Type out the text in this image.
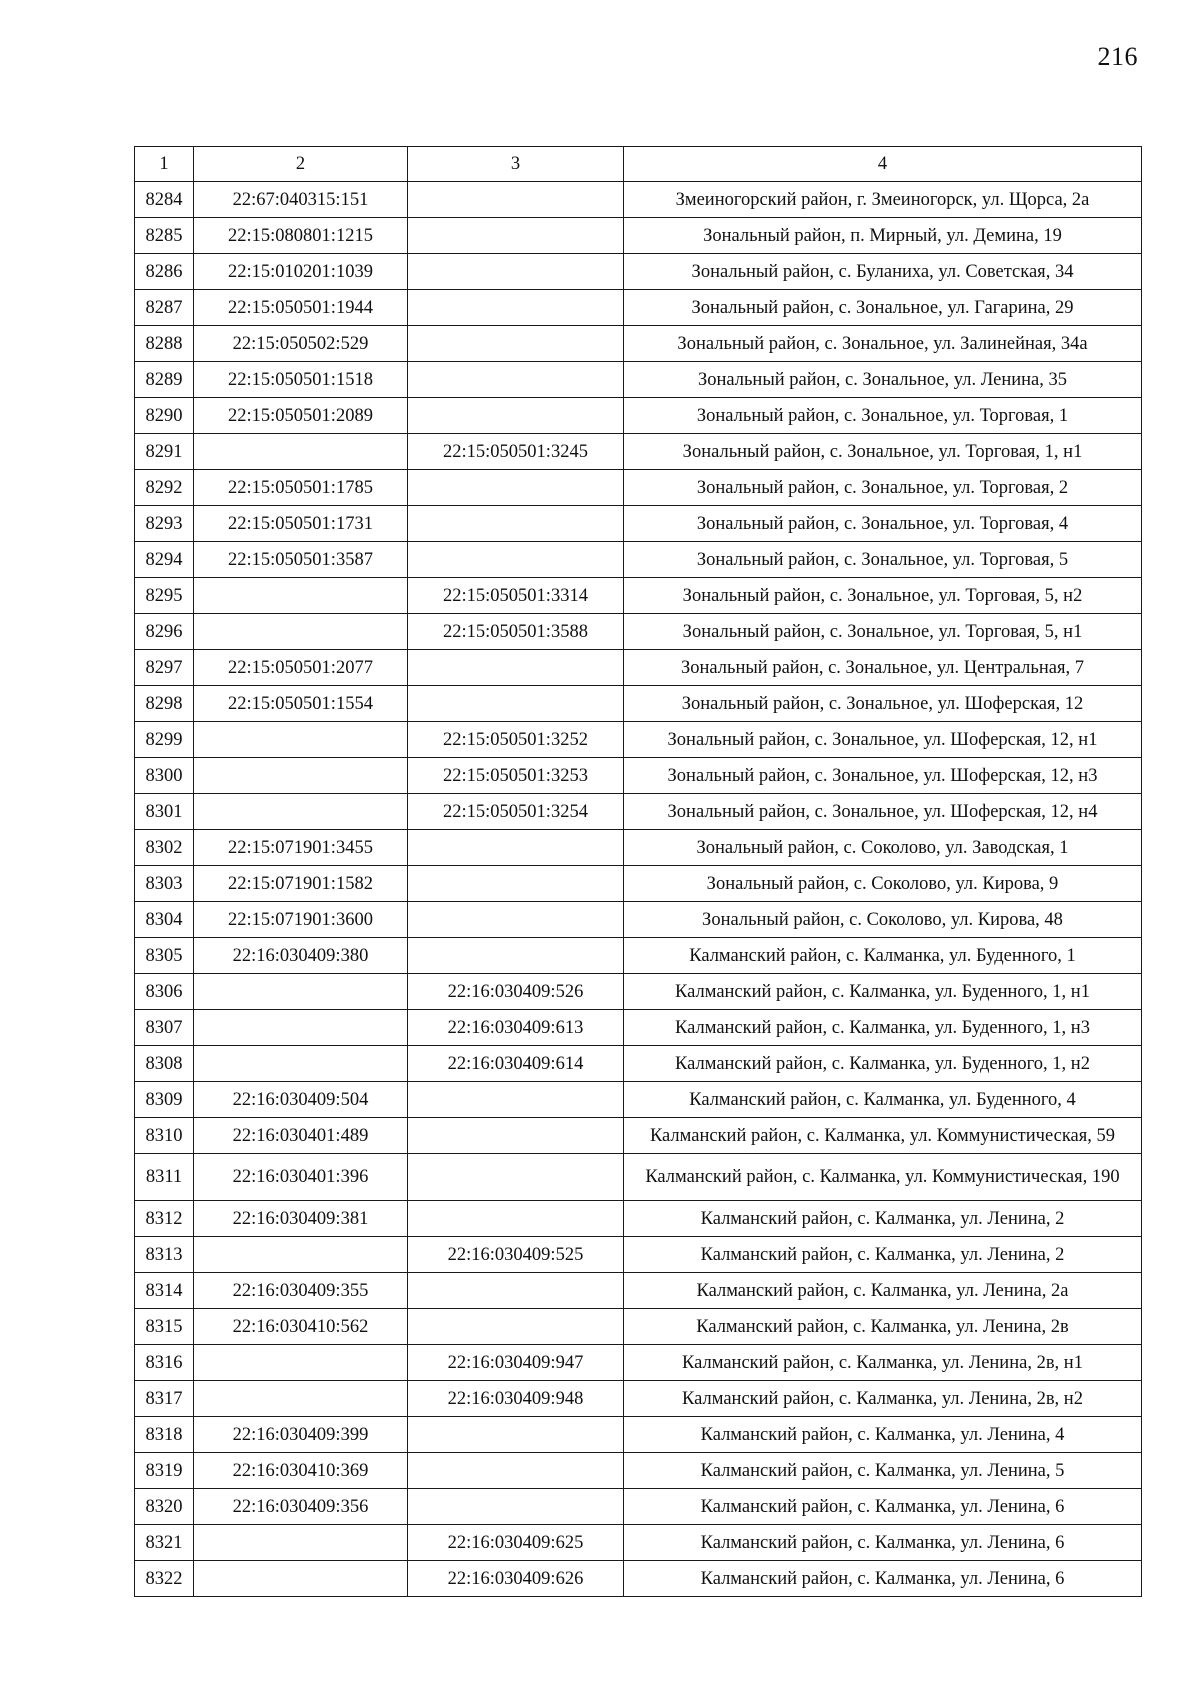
216
1	2	3	4
8284	22:67:040315:151		Змеиногорский район, г. Змеиногорск, ул. Щорса, 2а
8285	22:15:080801:1215		Зональный район, п. Мирный, ул. Демина, 19
8286	22:15:010201:1039		Зональный район, с. Буланиха, ул. Советская, 34
8287	22:15:050501:1944		Зональный район, с. Зональное, ул. Гагарина, 29
8288	22:15:050502:529		Зональный район, с. Зональное, ул. Залинейная, 34а
8289	22:15:050501:1518		Зональный район, с. Зональное, ул. Ленина, 35
8290	22:15:050501:2089		Зональный район, с. Зональное, ул. Торговая, 1
8291		22:15:050501:3245	Зональный район, с. Зональное, ул. Торговая, 1, н1
8292	22:15:050501:1785		Зональный район, с. Зональное, ул. Торговая, 2
8293	22:15:050501:1731		Зональный район, с. Зональное, ул. Торговая, 4
8294	22:15:050501:3587		Зональный район, с. Зональное, ул. Торговая, 5
8295		22:15:050501:3314	Зональный район, с. Зональное, ул. Торговая, 5, н2
8296		22:15:050501:3588	Зональный район, с. Зональное, ул. Торговая, 5, н1
8297	22:15:050501:2077		Зональный район, с. Зональное, ул. Центральная, 7
8298	22:15:050501:1554		Зональный район, с. Зональное, ул. Шоферская, 12
8299		22:15:050501:3252	Зональный район, с. Зональное, ул. Шоферская, 12, н1
8300		22:15:050501:3253	Зональный район, с. Зональное, ул. Шоферская, 12, н3
8301		22:15:050501:3254	Зональный район, с. Зональное, ул. Шоферская, 12, н4
8302	22:15:071901:3455		Зональный район, с. Соколово, ул. Заводская, 1
8303	22:15:071901:1582		Зональный район, с. Соколово, ул. Кирова, 9
8304	22:15:071901:3600		Зональный район, с. Соколово, ул. Кирова, 48
8305	22:16:030409:380		Калманский район, с. Калманка, ул. Буденного, 1
8306		22:16:030409:526	Калманский район, с. Калманка, ул. Буденного, 1, н1
8307		22:16:030409:613	Калманский район, с. Калманка, ул. Буденного, 1, н3
8308		22:16:030409:614	Калманский район, с. Калманка, ул. Буденного, 1, н2
8309	22:16:030409:504		Калманский район, с. Калманка, ул. Буденного, 4
8310	22:16:030401:489		Калманский район, с. Калманка, ул. Коммунистическая, 59
8311	22:16:030401:396		Калманский район, с. Калманка, ул. Коммунистическая, 190
8312	22:16:030409:381		Калманский район, с. Калманка, ул. Ленина, 2
8313		22:16:030409:525	Калманский район, с. Калманка, ул. Ленина, 2
8314	22:16:030409:355		Калманский район, с. Калманка, ул. Ленина, 2а
8315	22:16:030410:562		Калманский район, с. Калманка, ул. Ленина, 2в
8316		22:16:030409:947	Калманский район, с. Калманка, ул. Ленина, 2в, н1
8317		22:16:030409:948	Калманский район, с. Калманка, ул. Ленина, 2в, н2
8318	22:16:030409:399		Калманский район, с. Калманка, ул. Ленина, 4
8319	22:16:030410:369		Калманский район, с. Калманка, ул. Ленина, 5
8320	22:16:030409:356		Калманский район, с. Калманка, ул. Ленина, 6
8321		22:16:030409:625	Калманский район, с. Калманка, ул. Ленина, 6
8322		22:16:030409:626	Калманский район, с. Калманка, ул. Ленина, 6
